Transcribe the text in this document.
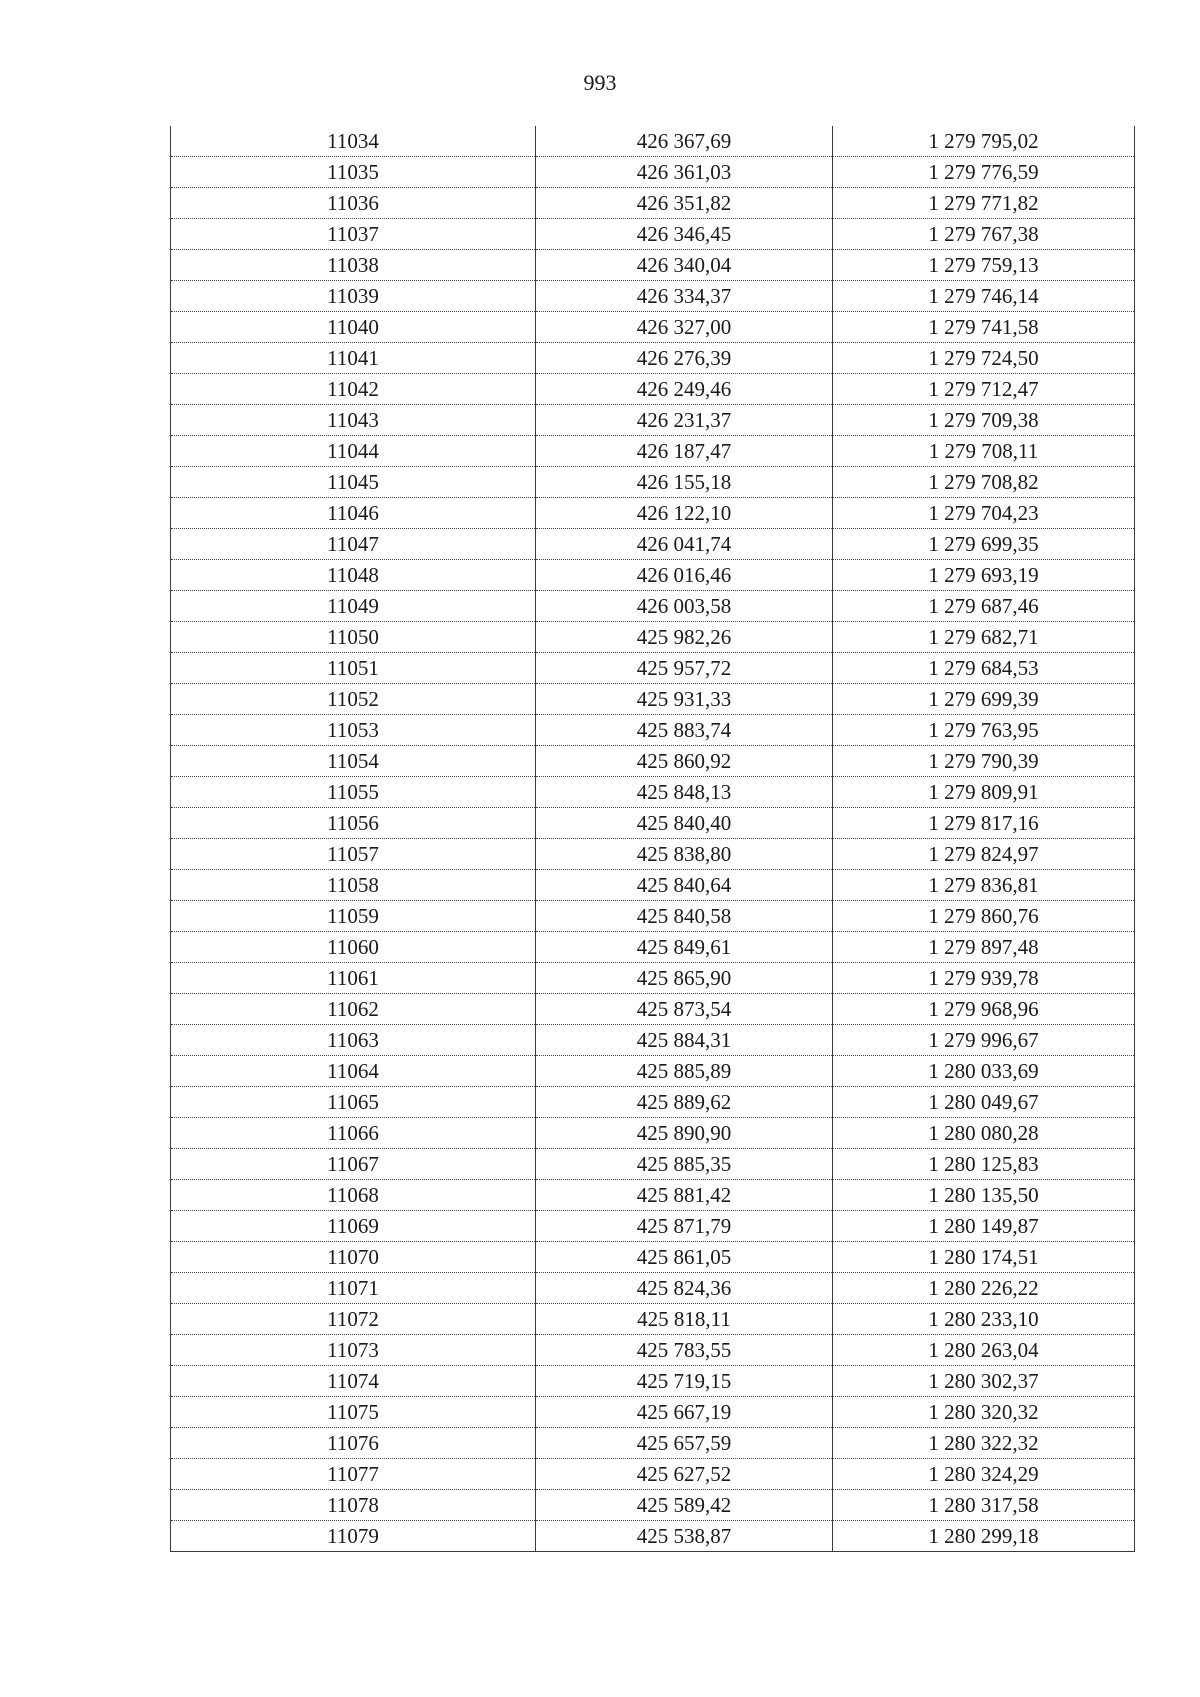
993
11034	426 367,69	1 279 795,02
11035	426 361,03	1 279 776,59
11036	426 351,82	1 279 771,82
11037	426 346,45	1 279 767,38
11038	426 340,04	1 279 759,13
11039	426 334,37	1 279 746,14
11040	426 327,00	1 279 741,58
11041	426 276,39	1 279 724,50
11042	426 249,46	1 279 712,47
11043	426 231,37	1 279 709,38
11044	426 187,47	1 279 708,11
11045	426 155,18	1 279 708,82
11046	426 122,10	1 279 704,23
11047	426 041,74	1 279 699,35
11048	426 016,46	1 279 693,19
11049	426 003,58	1 279 687,46
11050	425 982,26	1 279 682,71
11051	425 957,72	1 279 684,53
11052	425 931,33	1 279 699,39
11053	425 883,74	1 279 763,95
11054	425 860,92	1 279 790,39
11055	425 848,13	1 279 809,91
11056	425 840,40	1 279 817,16
11057	425 838,80	1 279 824,97
11058	425 840,64	1 279 836,81
11059	425 840,58	1 279 860,76
11060	425 849,61	1 279 897,48
11061	425 865,90	1 279 939,78
11062	425 873,54	1 279 968,96
11063	425 884,31	1 279 996,67
11064	425 885,89	1 280 033,69
11065	425 889,62	1 280 049,67
11066	425 890,90	1 280 080,28
11067	425 885,35	1 280 125,83
11068	425 881,42	1 280 135,50
11069	425 871,79	1 280 149,87
11070	425 861,05	1 280 174,51
11071	425 824,36	1 280 226,22
11072	425 818,11	1 280 233,10
11073	425 783,55	1 280 263,04
11074	425 719,15	1 280 302,37
11075	425 667,19	1 280 320,32
11076	425 657,59	1 280 322,32
11077	425 627,52	1 280 324,29
11078	425 589,42	1 280 317,58
11079	425 538,87	1 280 299,18
